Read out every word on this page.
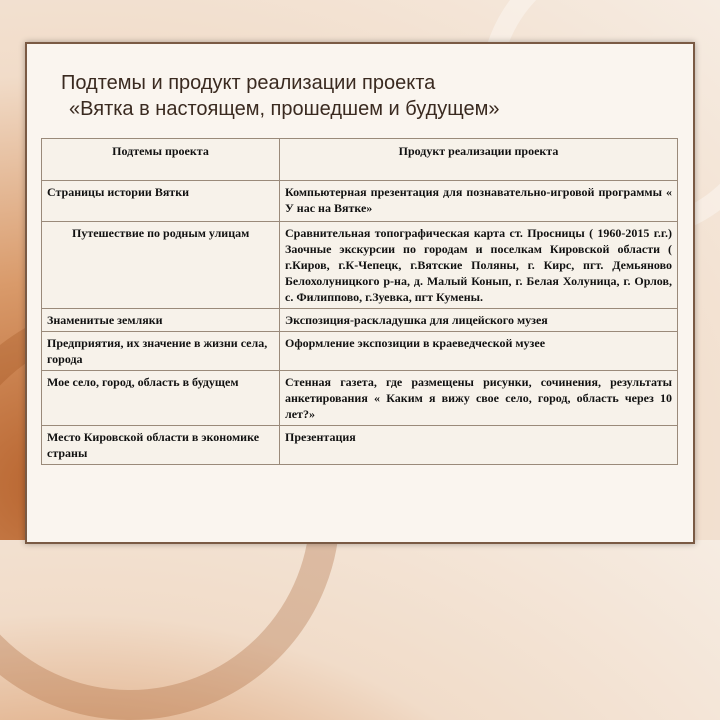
Подтемы и продукт реализации проекта
«Вятка в настоящем, прошедшем и будущем»
Подтемы проекта	Продукт реализации проекта
Страницы истории Вятки	Компьютерная презентация для познавательно-игровой программы « У нас на Вятке»
Путешествие по родным улицам	Сравнительная топографическая карта ст. Просницы ( 1960-2015 г.г.) Заочные экскурсии по городам и поселкам Кировской области ( г.Киров, г.К-Чепецк, г.Вятские Поляны, г. Кирс, пгт. Демьяново Белохолуницкого р-на, д. Малый Конып, г. Белая Холуница, г. Орлов, с. Филиппово, г.Зуевка, пгт Кумены.
Знаменитые земляки	Экспозиция-раскладушка для лицейского музея
Предприятия, их значение в жизни села, города	Оформление экспозиции в краеведческой музее
Мое село, город, область в будущем	Стенная газета, где размещены рисунки, сочинения, результаты анкетирования « Каким я вижу свое село, город, область через 10 лет?»
Место Кировской области в экономике страны	Презентация
